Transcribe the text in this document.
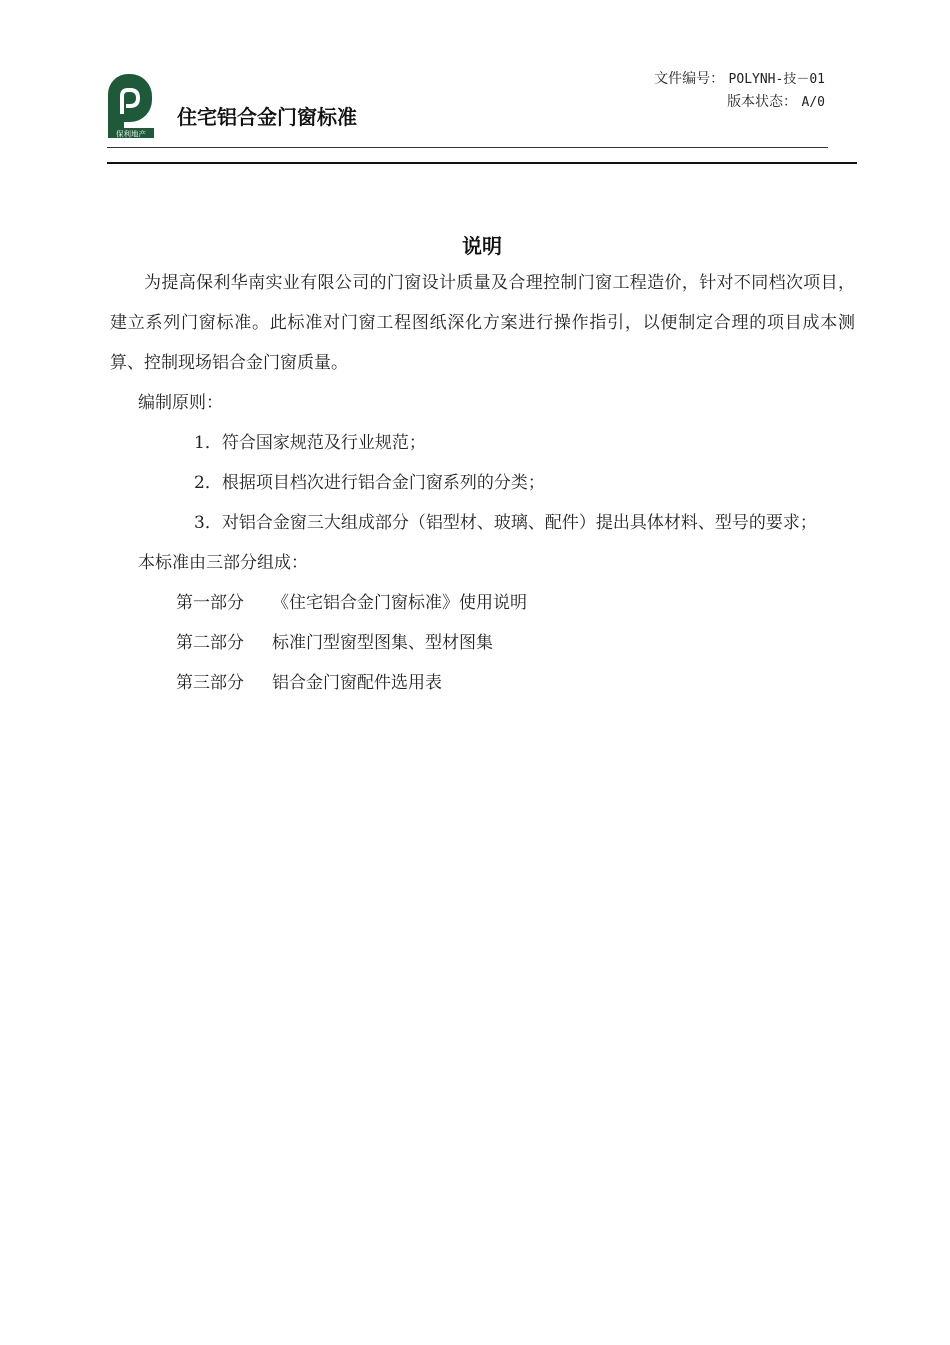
保利地产
住宅铝合金门窗标准
文件编号： POLYNH-技－01
版本状态： A/0
说明

为提高保利华南实业有限公司的门窗设计质量及合理控制门窗工程造价，针对不同档次项目，建立系列门窗标准。此标准对门窗工程图纸深化方案进行操作指引，以便制定合理的项目成本测算、控制现场铝合金门窗质量。

编制原则：

1．符合国家规范及行业规范；

2．根据项目档次进行铝合金门窗系列的分类；

3．对铝合金窗三大组成部分（铝型材、玻璃、配件）提出具体材料、型号的要求；

本标准由三部分组成：

第一部分 《住宅铝合金门窗标准》使用说明

第二部分 标准门型窗型图集、型材图集

第三部分 铝合金门窗配件选用表
